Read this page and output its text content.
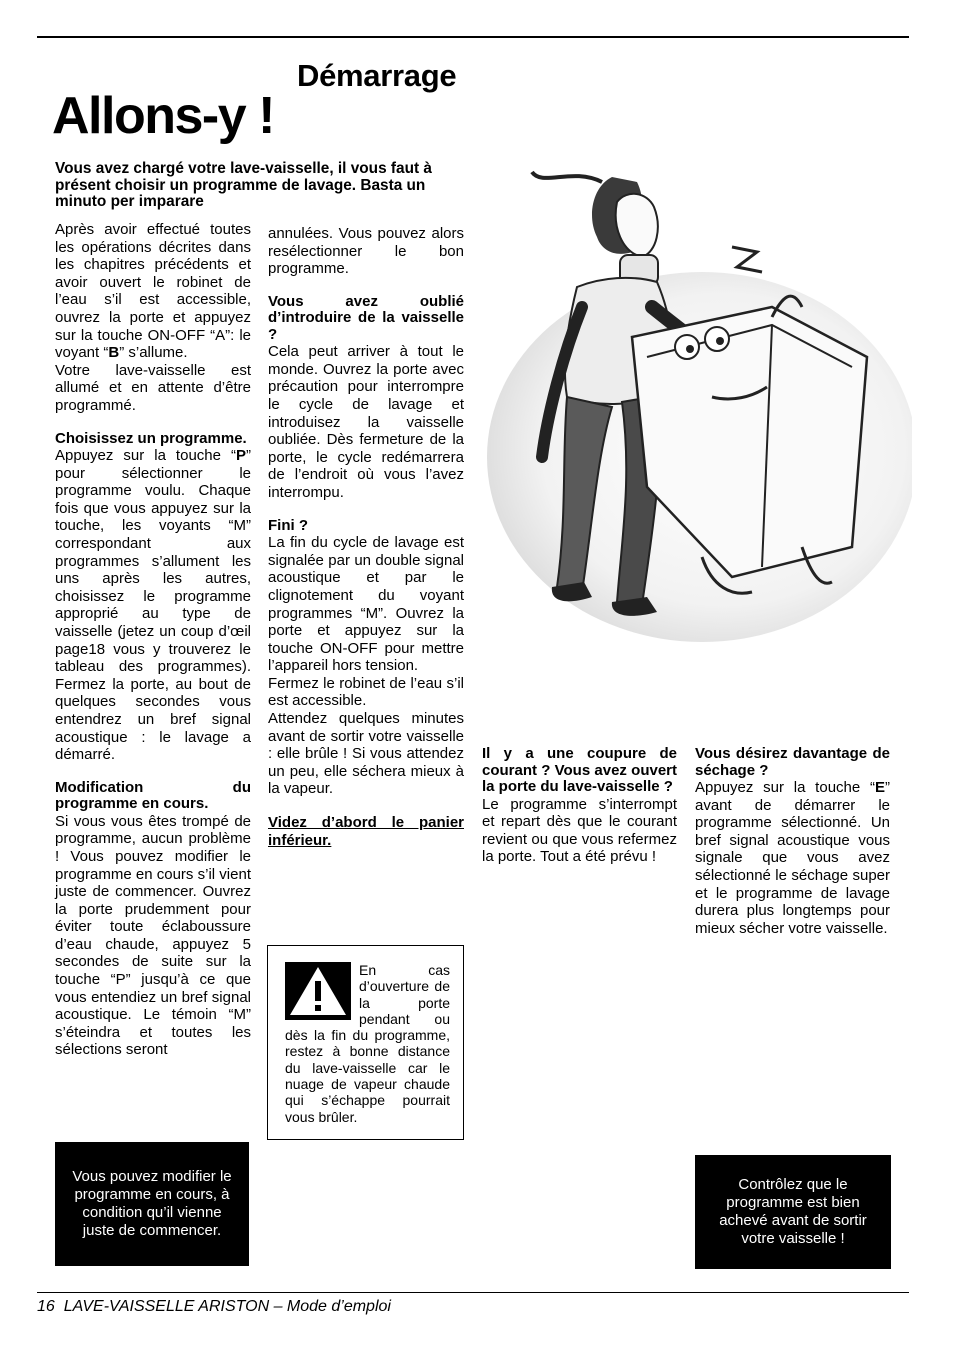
Démarrage
Allons-y !
Vous avez chargé votre lave-vaisselle, il vous faut à présent choisir un programme de lavage. Basta un minuto per imparare

Après avoir effectué toutes les opérations décrites dans les chapitres précédents et avoir ouvert le robinet de l’eau s’il est accessible, ouvrez la porte et appuyez sur la touche ON-OFF “A”: le voyant “B” s’allume.

Votre lave-vaisselle est allumé et en attente d’être programmé.

Choisissez un programme.

Appuyez sur la touche “P” pour sélectionner le programme voulu. Chaque fois que vous appuyez sur la touche, les voyants “M” correspondant aux programmes s’allument les uns après les autres, choisissez le programme approprié au type de vaisselle (jetez un coup d’œil page18 vous y trouverez le tableau des programmes). Fermez la porte, au bout de quelques secondes vous entendrez un bref signal acoustique : le lavage a démarré.

Modification du programme en cours.

Si vous vous êtes trompé de programme, aucun problème ! Vous pouvez modifier le programme en cours s’il vient juste de commencer. Ouvrez la porte prudemment pour éviter toute éclaboussure d’eau chaude, appuyez 5 secondes de suite sur la touche “P” jusqu’à ce que vous entendiez un bref signal acoustique. Le témoin “M” s’éteindra et toutes les sélections seront

annulées. Vous pouvez alors resélectionner le bon programme.

Vous avez oublié d’introduire de la vaisselle ?

Cela peut arriver à tout le monde. Ouvrez la porte avec précaution pour interrompre le cycle de lavage et introduisez la vaisselle oubliée. Dès fermeture de la porte, le cycle redémarrera de l’endroit où vous l’avez interrompu.

Fini ?

La fin du cycle de lavage est signalée par un double signal acoustique et par le clignotement du voyant programmes “M”. Ouvrez la porte et appuyez sur la touche ON-OFF pour mettre l’appareil hors tension.

Fermez le robinet de l’eau s’il est accessible.

Attendez quelques minutes avant de sortir votre vaisselle : elle brûle ! Si vous attendez un peu, elle séchera mieux à la vapeur.

Videz d’abord le panier inférieur.

En cas d’ouverture de la porte pendant ou dès la fin du programme, restez à bonne distance du lave-vaisselle car le nuage de vapeur chaude qui s’échappe pourrait vous brûler.
Il y a une coupure de courant ? Vous avez ouvert la porte du lave-vaisselle ?

Le programme s’interrompt et repart dès que le courant revient ou que vous refermez la porte. Tout a été prévu !

Vous désirez davantage de séchage ?

Appuyez sur la touche “E” avant de démarrer le programme sélectionné. Un bref signal acoustique vous signale que vous avez sélectionné le séchage super et le programme de lavage durera plus longtemps pour mieux sécher votre vaisselle.

Vous pouvez modifier le programme en cours, à condition qu’il vienne juste de commencer.
Contrôlez que le programme est bien achevé avant de sortir votre vaisselle !
16 LAVE-VAISSELLE ARISTON – Mode d’emploi
